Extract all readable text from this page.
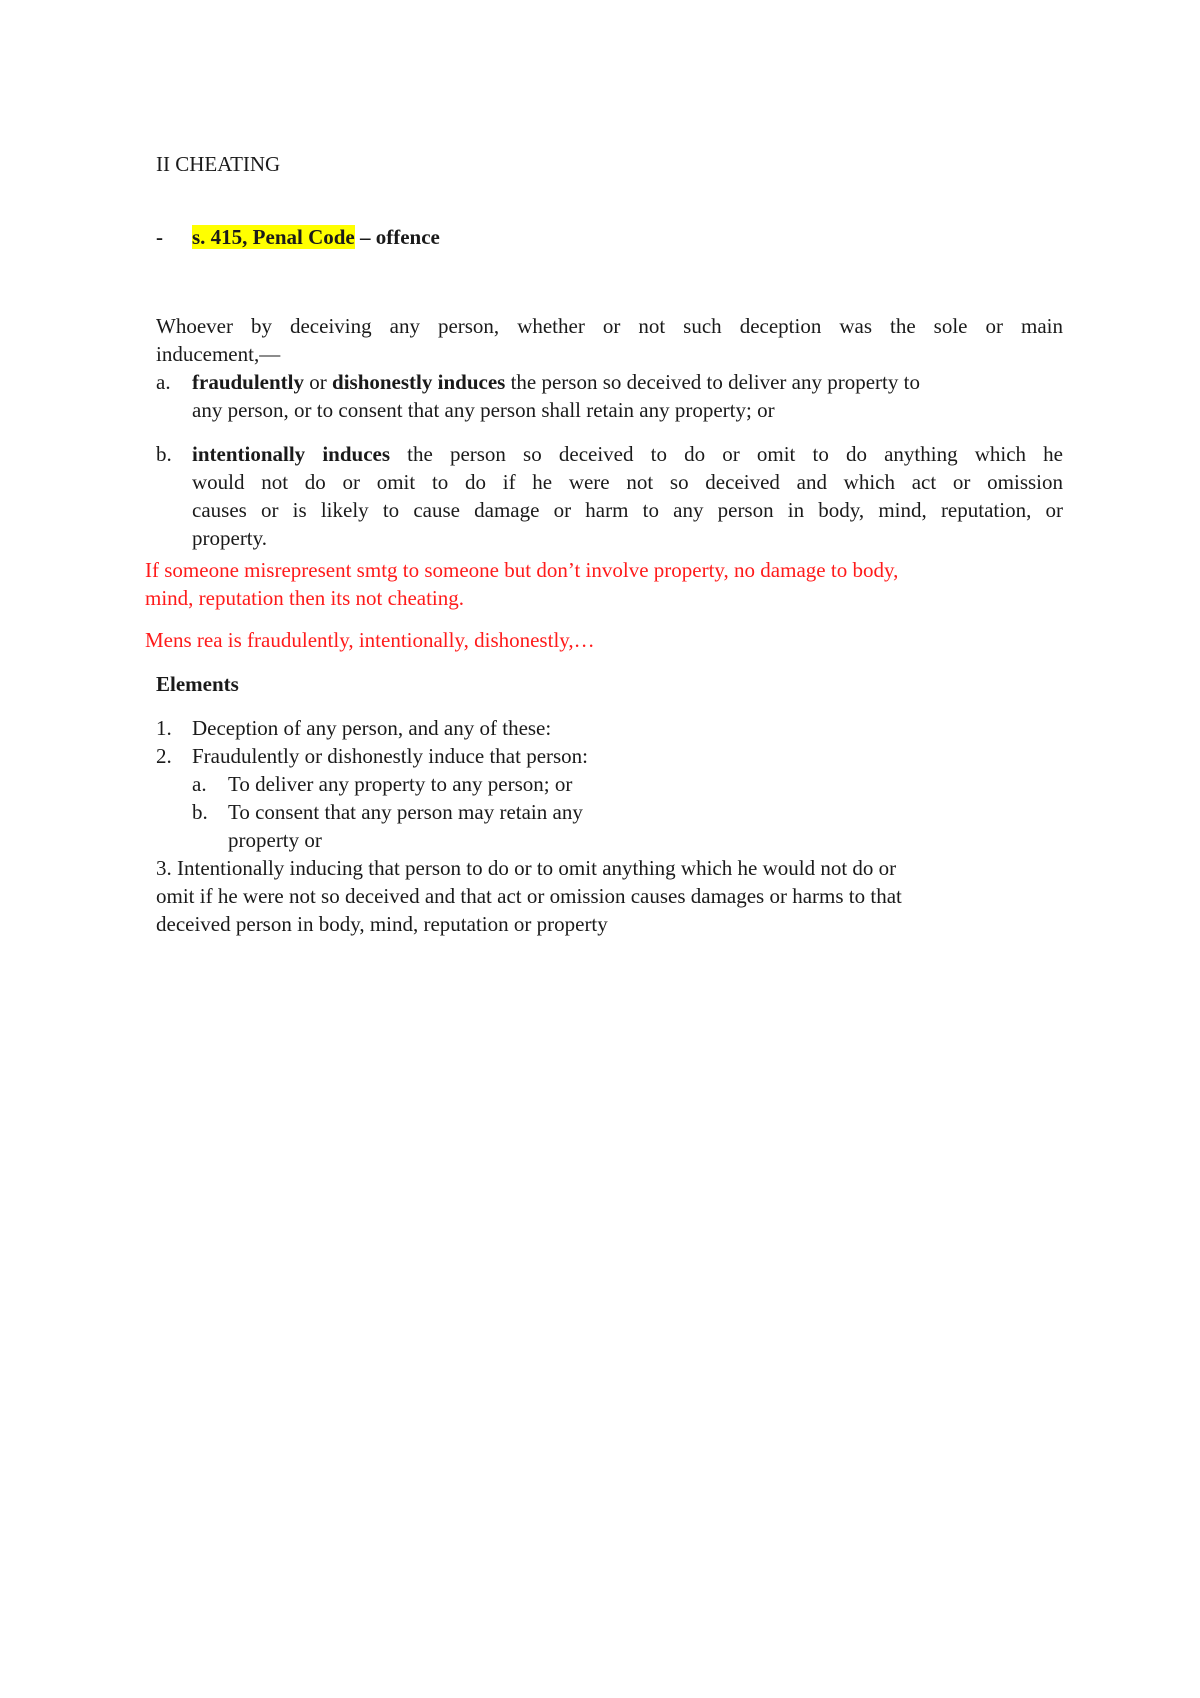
II CHEATING
- s. 415, Penal Code – offence
Whoever by deceiving any person, whether or not such deception was the sole or main
inducement,—
a. fraudulently or dishonestly induces the person so deceived to deliver any property to
any person, or to consent that any person shall retain any property; or
b. intentionally induces the person so deceived to do or omit to do anything which he
would not do or omit to do if he were not so deceived and which act or omission
causes or is likely to cause damage or harm to any person in body, mind, reputation, or
property.
If someone misrepresent smtg to someone but don’t involve property, no damage to body,
mind, reputation then its not cheating.
Mens rea is fraudulently, intentionally, dishonestly,…
Elements
1. Deception of any person, and any of these:
2. Fraudulently or dishonestly induce that person:
a. To deliver any property to any person; or
b. To consent that any person may retain any
property or
3. Intentionally inducing that person to do or to omit anything which he would not do or
omit if he were not so deceived and that act or omission causes damages or harms to that
deceived person in body, mind, reputation or property
